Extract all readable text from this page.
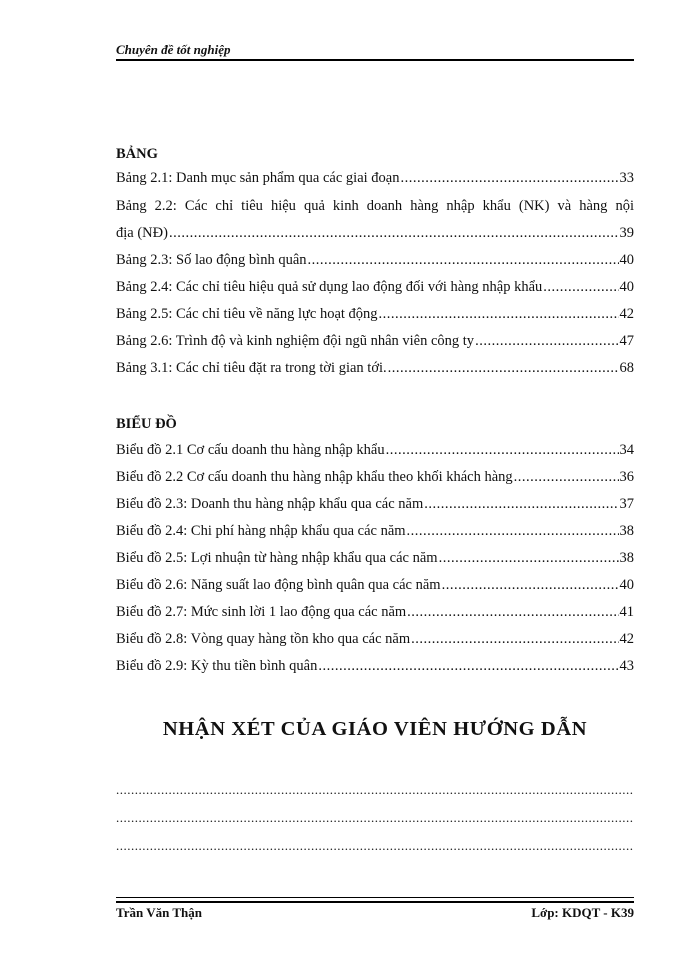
Chuyên đề tốt nghiệp
BẢNG
Bảng 2.1: Danh mục sản phẩm qua các giai đoạn .....	33
Bảng 2.2: Các chỉ tiêu hiệu quả kinh doanh hàng nhập khẩu (NK) và hàng nội
địa (NĐ) .....	39
Bảng 2.3: Số lao động bình quân .....	40
Bảng 2.4: Các chỉ tiêu hiệu quả sử dụng lao động đối với hàng nhập khẩu .....	40
Bảng 2.5: Các chỉ tiêu về năng lực hoạt động .....	42
Bảng 2.6: Trình độ và kinh nghiệm đội ngũ nhân viên công ty .....	47
Bảng 3.1: Các chỉ tiêu đặt ra trong tời gian tới. .....	68
BIỂU ĐỒ
Biểu đồ 2.1 Cơ cấu doanh thu hàng nhập khẩu .....	34
Biểu đồ 2.2 Cơ cấu doanh thu hàng nhập khẩu theo khối khách hàng .....	36
Biểu đồ 2.3: Doanh thu hàng nhập khẩu qua các năm .....	37
Biểu đồ 2.4: Chi phí hàng nhập khẩu qua các năm .....	38
Biểu đồ 2.5: Lợi nhuận từ hàng nhập khẩu qua các năm .....	38
Biểu đồ 2.6: Năng suất lao động bình quân qua các năm .....	40
Biểu đồ 2.7: Mức sinh lời 1 lao động qua các năm .....	41
Biểu đồ 2.8: Vòng quay hàng tồn kho qua các năm .....	42
Biểu đồ 2.9: Kỳ thu tiền bình quân .....	43
NHẬN XÉT CỦA GIÁO VIÊN HƯỚNG DẪN
.....
.....
.....
Trần Văn Thận	Lớp: KDQT - K39
